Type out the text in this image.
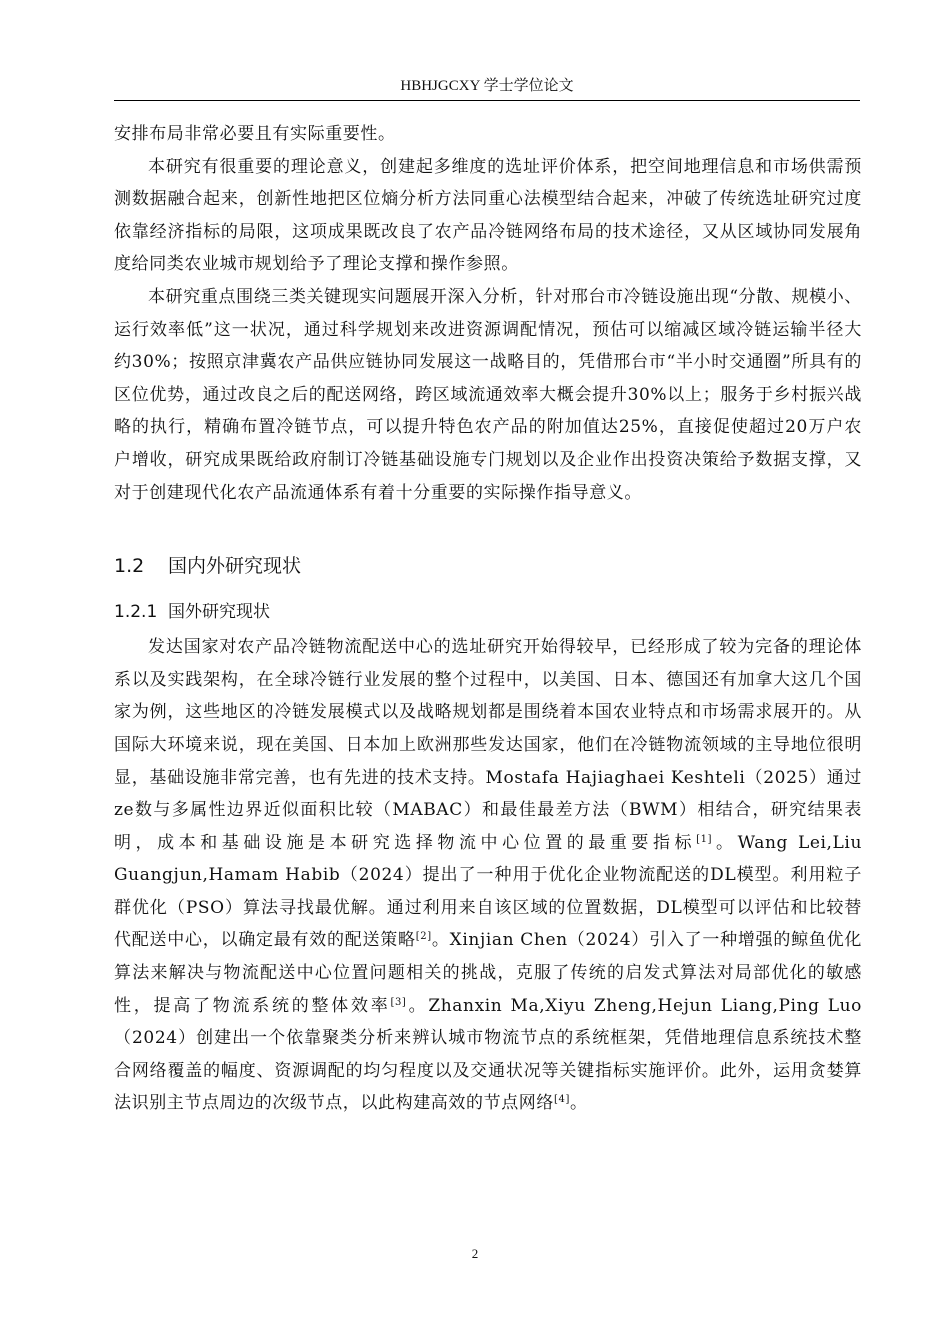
HBHJGCXY 学士学位论文

安排布局非常必要且有实际重要性。

本研究有很重要的理论意义，创建起多维度的选址评价体系，把空间地理信息和市场供需预测数据融合起来，创新性地把区位熵分析方法同重心法模型结合起来，冲破了传统选址研究过度依靠经济指标的局限，这项成果既改良了农产品冷链网络布局的技术途径，又从区域协同发展角度给同类农业城市规划给予了理论支撑和操作参照。

本研究重点围绕三类关键现实问题展开深入分析，针对邢台市冷链设施出现“分散、规模小、运行效率低”这一状况，通过科学规划来改进资源调配情况，预估可以缩减区域冷链运输半径大约30%；按照京津冀农产品供应链协同发展这一战略目的，凭借邢台市“半小时交通圈”所具有的区位优势，通过改良之后的配送网络，跨区域流通效率大概会提升30%以上；服务于乡村振兴战略的执行，精确布置冷链节点，可以提升特色农产品的附加值达25%，直接促使超过20万户农户增收，研究成果既给政府制订冷链基础设施专门规划以及企业作出投资决策给予数据支撑，又对于创建现代化农产品流通体系有着十分重要的实际操作指导意义。

1.2 国内外研究现状
1.2.1 国外研究现状

发达国家对农产品冷链物流配送中心的选址研究开始得较早，已经形成了较为完备的理论体系以及实践架构，在全球冷链行业发展的整个过程中，以美国、日本、德国还有加拿大这几个国家为例，这些地区的冷链发展模式以及战略规划都是围绕着本国农业特点和市场需求展开的。从国际大环境来说，现在美国、日本加上欧洲那些发达国家，他们在冷链物流领域的主导地位很明显，基础设施非常完善，也有先进的技术支持。Mostafa Hajiaghaei Keshteli（2025）通过ze数与多属性边界近似面积比较（MABAC）和最佳最差方法（BWM）相结合，研究结果表明，成本和基础设施是本研究选择物流中心位置的最重要指标[1]。Wang Lei,Liu Guangjun,Hamam Habib（2024）提出了一种用于优化企业物流配送的DL模型。利用粒子群优化（PSO）算法寻找最优解。通过利用来自该区域的位置数据，DL模型可以评估和比较替代配送中心，以确定最有效的配送策略[2]。Xinjian Chen（2024）引入了一种增强的鲸鱼优化算法来解决与物流配送中心位置问题相关的挑战，克服了传统的启发式算法对局部优化的敏感性，提高了物流系统的整体效率[3]。Zhanxin Ma,Xiyu Zheng,Hejun Liang,Ping Luo（2024）创建出一个依靠聚类分析来辨认城市物流节点的系统框架，凭借地理信息系统技术整合网络覆盖的幅度、资源调配的均匀程度以及交通状况等关键指标实施评价。此外，运用贪婪算法识别主节点周边的次级节点，以此构建高效的节点网络[4]。

2
